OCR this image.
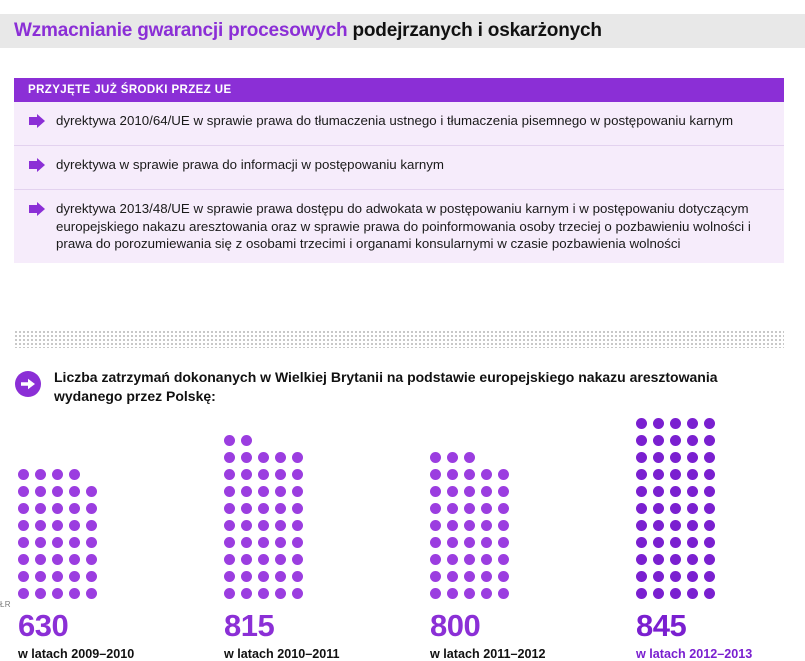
Wzmacnianie gwarancji procesowych podejrzanych i oskarżonych
PRZYJĘTE JUŻ ŚRODKI PRZEZ UE
dyrektywa 2010/64/UE w sprawie prawa do tłumaczenia ustnego i tłumaczenia pisemnego w postępowaniu karnym
dyrektywa w sprawie prawa do informacji w postępowaniu karnym
dyrektywa 2013/48/UE w sprawie prawa dostępu do adwokata w postępowaniu karnym i w postępowaniu dotyczącym europejskiego nakazu aresztowania oraz w sprawie prawa do poinformowania osoby trzeciej o pozbawieniu wolności i prawa do porozumiewania się z osobami trzecimi i organami konsularnymi w czasie pozbawienia wolności
Liczba zatrzymań dokonanych w Wielkiej Brytanii na podstawie europejskiego nakazu aresztowania wydanego przez Polskę:
630
w latach 2009–2010
815
w latach 2010–2011
800
w latach 2011–2012
845
w latach 2012–2013
ŁR
